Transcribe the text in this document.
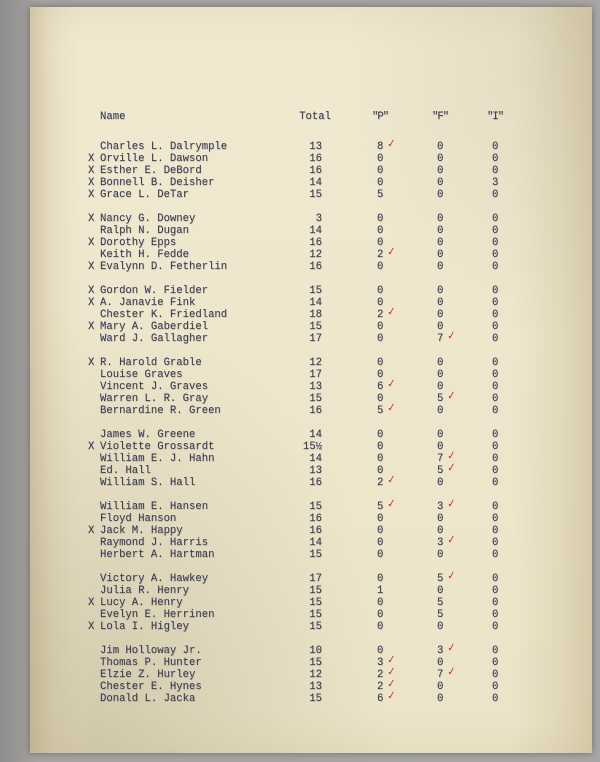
Name	Total	"P"	"F"	"I"
Charles L. Dalrymple	13	8 ✓	0	0
X Orville L. Dawson	16	0	0	0
X Esther E. DeBord	16	0	0	0
X Bonnell B. Deisher	14	0	0	3
X Grace L. DeTar	15	5	0	0
X Nancy G. Downey	3	0	0	0
Ralph N. Dugan	14	0	0	0
X Dorothy Epps	16	0	0	0
Keith H. Fedde	12	2 ✓	0	0
X Evalynn D. Fetherlin	16	0	0	0
X Gordon W. Fielder	15	0	0	0
X A. Janavie Fink	14	0	0	0
Chester K. Friedland	18	2 ✓	0	0
X Mary A. Gaberdiel	15	0	0	0
Ward J. Gallagher	17	0	7 ✓	0
X R. Harold Grable	12	0	0	0
Louise Graves	17	0	0	0
Vincent J. Graves	13	6 ✓	0	0
Warren L. R. Gray	15	0	5 ✓	0
Bernardine R. Green	16	5 ✓	0	0
James W. Greene	14	0	0	0
X Violette Grossardt	15½	0	0	0
William E. J. Hahn	14	0	7 ✓	0
Ed. Hall	13	0	5 ✓	0
William S. Hall	16	2 ✓	0	0
William E. Hansen	15	5 ✓	3 ✓	0
Floyd Hanson	16	0	0	0
X Jack M. Happy	16	0	0	0
Raymond J. Harris	14	0	3 ✓	0
Herbert A. Hartman	15	0	0	0
Victory A. Hawkey	17	0	5 ✓	0
Julia R. Henry	15	1	0	0
X Lucy A. Henry	15	0	5	0
Evelyn E. Herrinen	15	0	5	0
X Lola I. Higley	15	0	0	0
Jim Holloway Jr.	10	0	3 ✓	0
Thomas P. Hunter	15	3 ✓	0	0
Elzie Z. Hurley	12	2 ✓	7 ✓	0
Chester E. Hynes	13	2 ✓	0	0
Donald L. Jacka	15	6 ✓	0	0
